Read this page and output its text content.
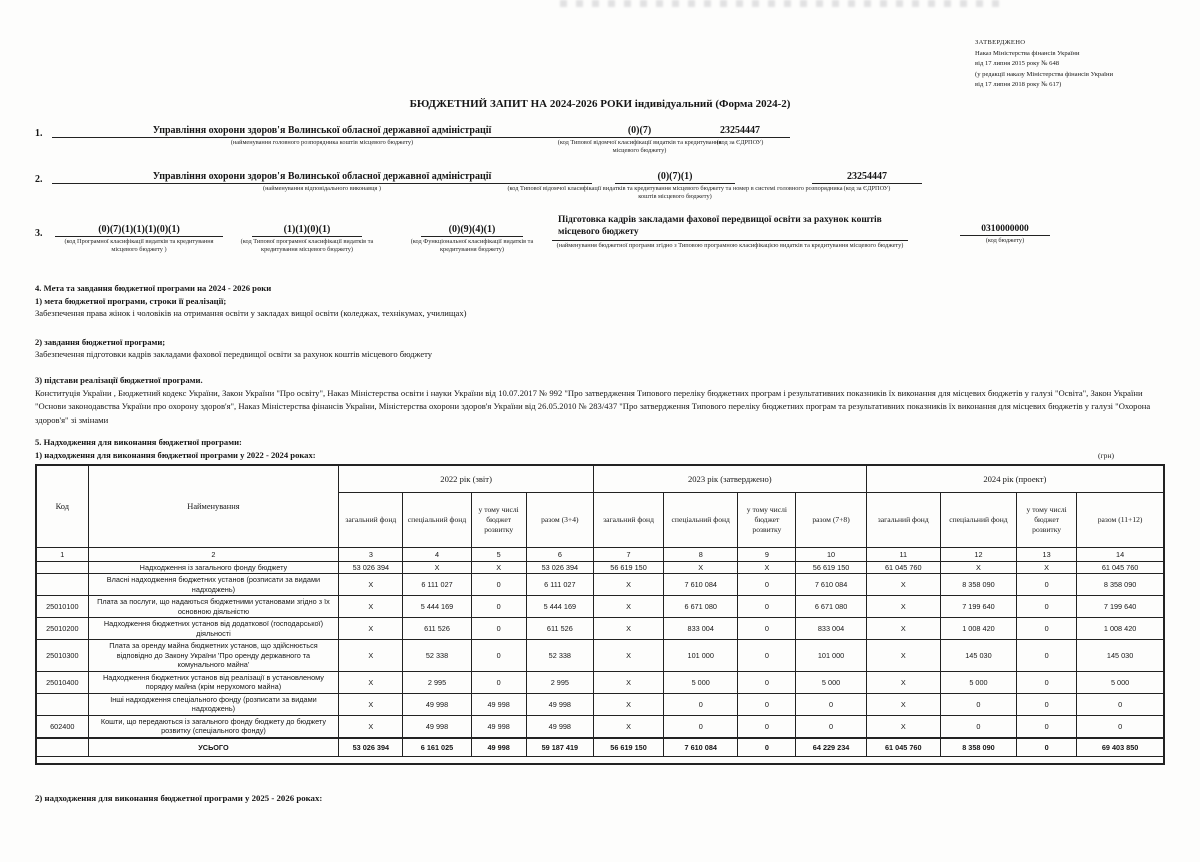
ЗАТВЕРДЖЕНО
Наказ Міністерства фінансів України
від 17 липня 2015 року № 648
(у редакції наказу Міністерства фінансів України
від 17 липня 2018 року № 617)
БЮДЖЕТНИЙ ЗАПИТ НА 2024-2026 РОКИ індивідуальний (Форма 2024-2)
1.	Управління охорони здоров'я Волинської обласної державної адміністрації
(найменування головного розпорядника коштів місцевого бюджету)
(0)(7)
(код Типової відомчої класифікації видатків та кредитування місцевого бюджету)
23254447
(код за ЄДРПОУ)
2.	Управління охорони здоров'я Волинської обласної державної адміністрації
(найменування відповідального виконавця )
(0)(7)(1)
(код Типової відомчої класифікації видатків та кредитування місцевого бюджету та номер в системі головного розпорядника коштів місцевого бюджету)
23254447
(код за ЄДРПОУ)
3.	(0)(7)(1)(1)(1)(0)(1)
(код Програмної класифікації видатків та кредитування місцевого бюджету )
(1)(1)(0)(1)
(код Типової програмної класифікації видатків та кредитування місцевого бюджету)
(0)(9)(4)(1)
(код Функціональної класифікації видатків та кредитування бюджету)
Підготовка кадрів закладами фахової передвищої освіти за рахунок коштів місцевого бюджету
(найменування бюджетної програми згідно з Типовою програмною класифікацією видатків та кредитування місцевого бюджету)
0310000000
(код бюджету)
4. Мета та завдання бюджетної програми на 2024 - 2026 роки
1) мета бюджетної програми, строки її реалізації;
Забезпечення права жінок і чоловіків на отримання освіти у закладах вищої освіти (коледжах, технікумах, училищах)
2) завдання бюджетної програми;
Забезпечення підготовки кадрів закладами фахової передвищої освіти за рахунок коштів місцевого бюджету
3) підстави реалізації бюджетної програми.
Конституція України , Бюджетний кодекс України, Закон України "Про освіту", Наказ Міністерства освіти і науки України від 10.07.2017 № 992 "Про затвердження Типового переліку бюджетних програм і результативних показників їх виконання для місцевих бюджетів у галузі "Освіта", Закон України "Основи законодавства України про охорону здоров'я", Наказ Міністерства фінансів України, Міністерства охорони здоров'я України від 26.05.2010 № 283/437 "Про затвердження Типового переліку бюджетних програм та результативних показників їх виконання для місцевих бюджетів у галузі "Охорона здоров'я" зі змінами
5. Надходження для виконання бюджетної програми:
1) надходження для виконання бюджетної програми у 2022 - 2024 роках:	(грн)
Код	Найменування	2022 рік (звіт)				2023 рік (затверджено)				2024 рік (проект)			
		загальний фонд	спеціальний фонд	у тому числі бюджет розвитку	разом (3+4)	загальний фонд	спеціальний фонд	у тому числі бюджет розвитку	разом (7+8)	загальний фонд	спеціальний фонд	у тому числі бюджет розвитку	разом (11+12)
1	2	3	4	5	6	7	8	9	10	11	12	13	14
	Надходження із загального фонду бюджету	53 026 394	X	X	53 026 394	56 619 150	X	X	56 619 150	61 045 760	X	X	61 045 760
	Власні надходження бюджетних установ (розписати за видами надходжень)	X	6 111 027	0	6 111 027	X	7 610 084	0	7 610 084	X	8 358 090	0	8 358 090
25010100	Плата за послуги, що надаються бюджетними установами згідно з їх основною діяльністю	X	5 444 169	0	5 444 169	X	6 671 080	0	6 671 080	X	7 199 640	0	7 199 640
25010200	Надходження бюджетних установ від додаткової (господарської) діяльності	X	611 526	0	611 526	X	833 004	0	833 004	X	1 008 420	0	1 008 420
25010300	Плата за оренду майна бюджетних установ, що здійснюється відповідно до Закону України 'Про оренду державного та комунального майна'	X	52 338	0	52 338	X	101 000	0	101 000	X	145 030	0	145 030
25010400	Надходження бюджетних установ від реалізації в установленому порядку майна (крім нерухомого майна)	X	2 995	0	2 995	X	5 000	0	5 000	X	5 000	0	5 000
	Інші надходження спеціального фонду (розписати за видами надходжень)	X	49 998	49 998	49 998	X	0	0	0	X	0	0	0
602400	Кошти, що передаються із загального фонду бюджету до бюджету розвитку (спеціального фонду)	X	49 998	49 998	49 998	X	0	0	0	X	0	0	0
	УСЬОГО	53 026 394	6 161 025	49 998	59 187 419	56 619 150	7 610 084	0	64 229 234	61 045 760	8 358 090	0	69 403 850

2) надходження для виконання бюджетної програми у 2025 - 2026 роках:
